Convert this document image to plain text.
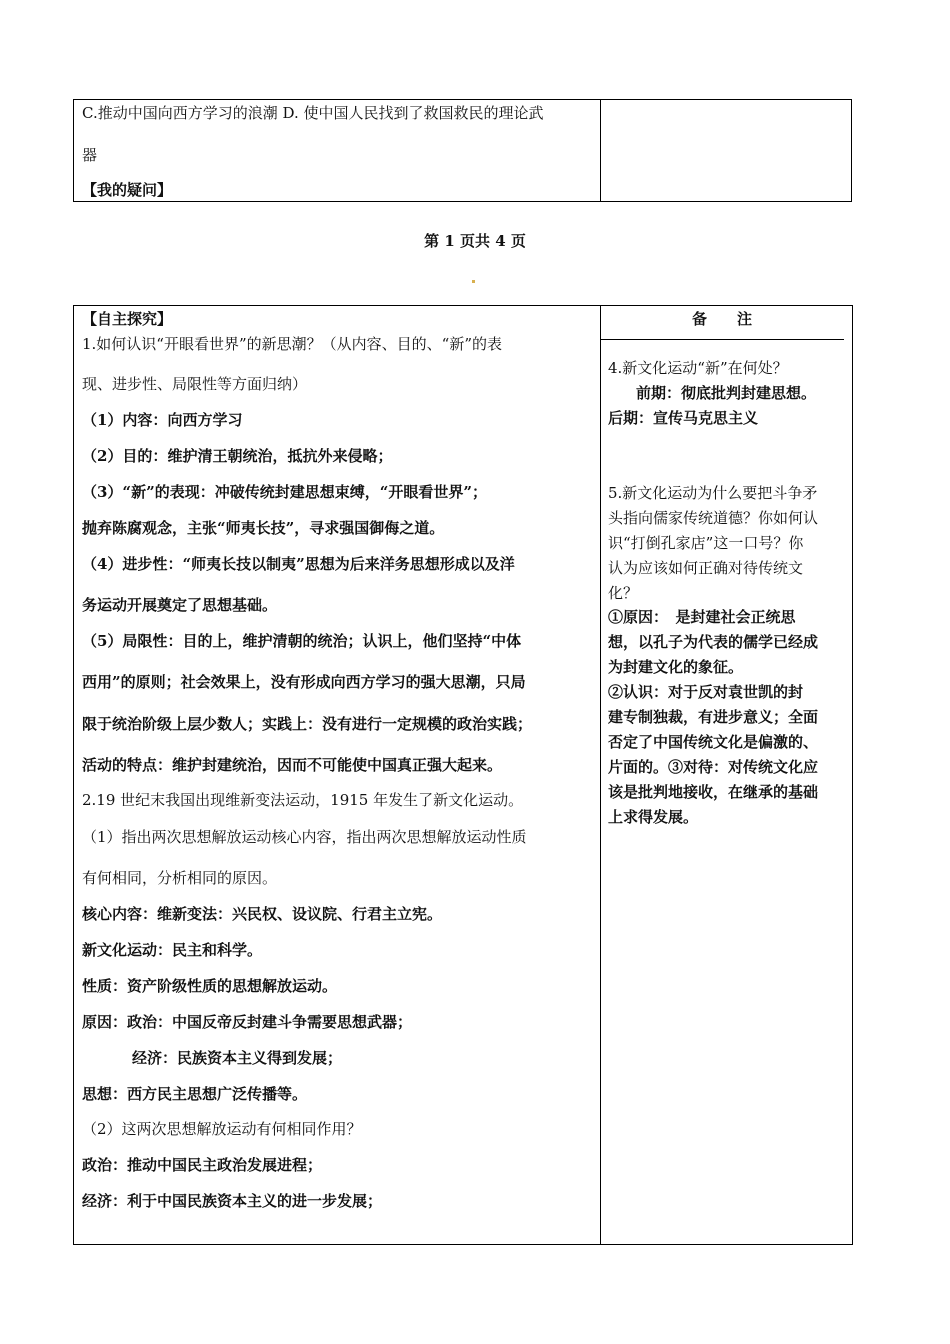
C.推动中国向西方学习的浪潮 D. 使中国人民找到了救国救民的理论武
器
【我的疑问】
第 1 页共 4 页
【自主探究】
1.如何认识“开眼看世界”的新思潮？（从内容、目的、“新”的表
现、进步性、局限性等方面归纳）
（1）内容：向西方学习
（2）目的：维护清王朝统治，抵抗外来侵略；
（3）“新”的表现：冲破传统封建思想束缚，“开眼看世界”；
抛弃陈腐观念，主张“师夷长技”，寻求强国御侮之道。
（4）进步性：“师夷长技以制夷”思想为后来洋务思想形成以及洋
务运动开展奠定了思想基础。
（5）局限性：目的上，维护清朝的统治；认识上，他们坚持“中体
西用”的原则；社会效果上，没有形成向西方学习的强大思潮，只局
限于统治阶级上层少数人；实践上：没有进行一定规模的政治实践；
活动的特点：维护封建统治，因而不可能使中国真正强大起来。
2.19 世纪末我国出现维新变法运动，1915 年发生了新文化运动。
（1）指出两次思想解放运动核心内容，指出两次思想解放运动性质
有何相同，分析相同的原因。
核心内容：维新变法：兴民权、设议院、行君主立宪。
新文化运动：民主和科学。
性质：资产阶级性质的思想解放运动。
原因：政治：中国反帝反封建斗争需要思想武器；
经济：民族资本主义得到发展；
思想：西方民主思想广泛传播等。
（2）这两次思想解放运动有何相同作用？
政治：推动中国民主政治发展进程；
经济：利于中国民族资本主义的进一步发展；
备　　注
4.新文化运动“新”在何处？
前期：彻底批判封建思想。
后期：宣传马克思主义
5.新文化运动为什么要把斗争矛
头指向儒家传统道德？你如何认
识“打倒孔家店”这一口号？你
认为应该如何正确对待传统文
化？
①原因：　是封建社会正统思
想，以孔子为代表的儒学已经成
为封建文化的象征。
②认识：对于反对袁世凯的封
建专制独裁，有进步意义；全面
否定了中国传统文化是偏激的、
片面的。③对待：对传统文化应
该是批判地接收，在继承的基础
上求得发展。
